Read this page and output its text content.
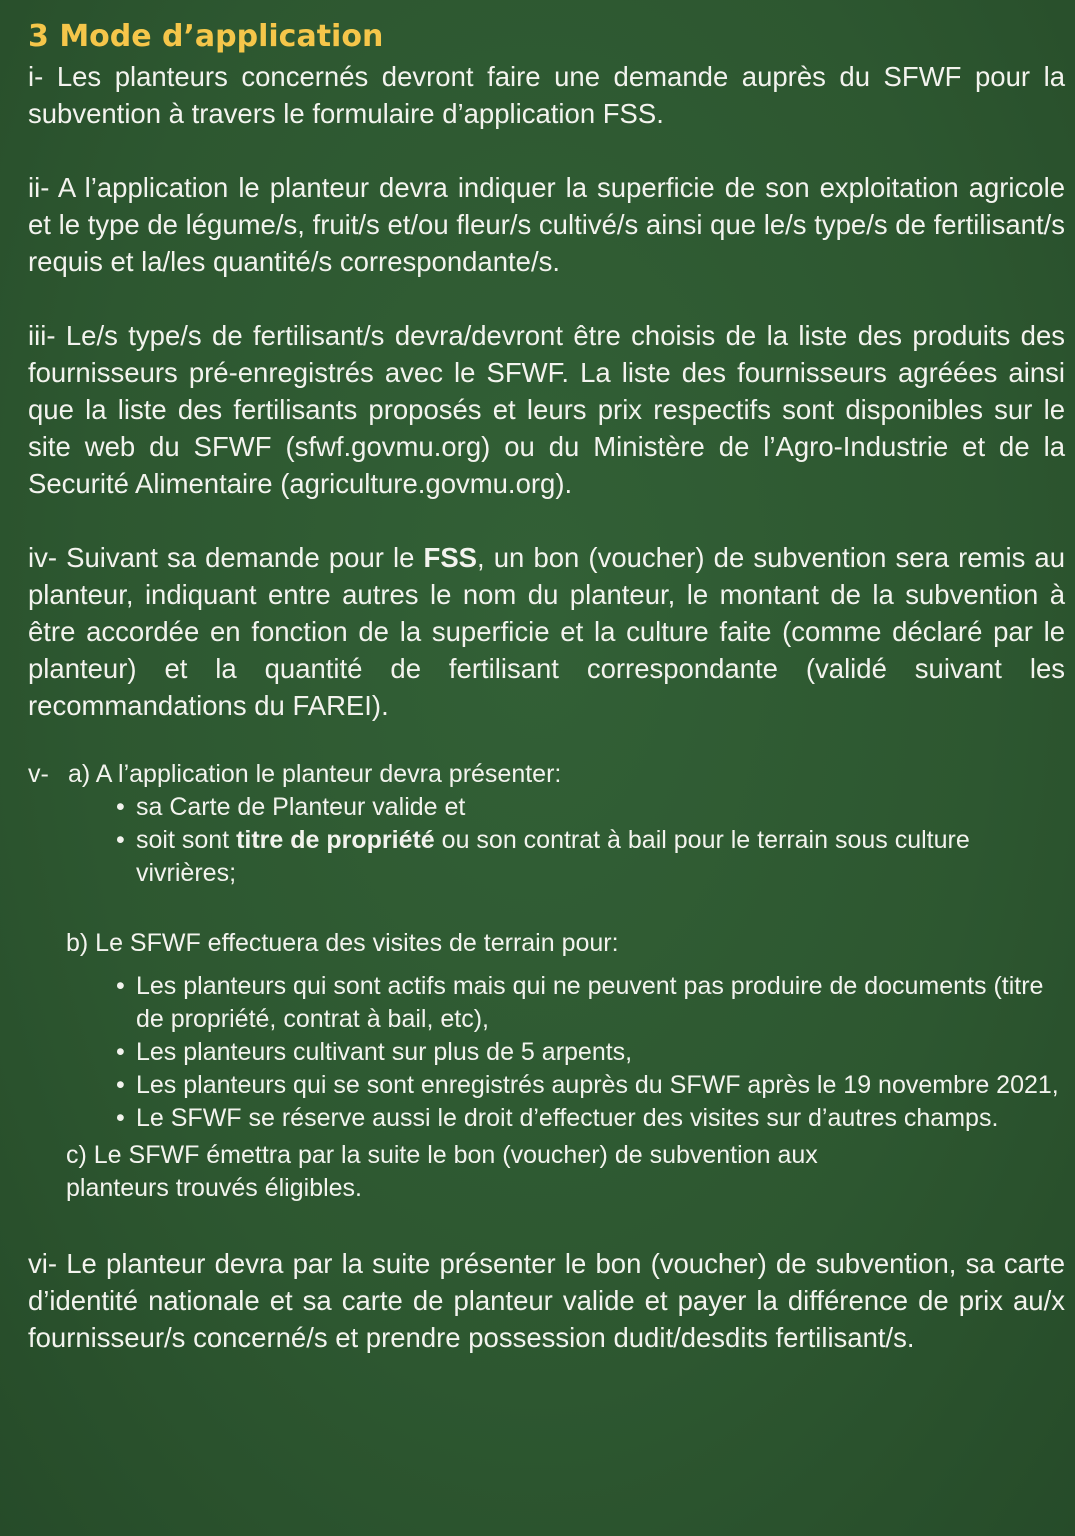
3 Mode d’application

i- Les planteurs concernés devront faire une demande auprès du SFWF pour la subvention à travers le formulaire d’application FSS.

ii- A l’application le planteur devra indiquer la superficie de son exploitation agricole et le type de légume/s, fruit/s et/ou fleur/s cultivé/s ainsi que le/s type/s de fertilisant/s requis et la/les quantité/s correspondante/s.

iii- Le/s type/s de fertilisant/s devra/devront être choisis de la liste des produits des fournisseurs pré-enregistrés avec le SFWF. La liste des fournisseurs agréées ainsi que la liste des fertilisants proposés et leurs prix respectifs sont disponibles sur le site web du SFWF (sfwf.govmu.org) ou du Ministère de l’Agro-Industrie et de la Securité Alimentaire (agriculture.govmu.org).

iv- Suivant sa demande pour le FSS, un bon (voucher) de subvention sera remis au planteur, indiquant entre autres le nom du planteur, le montant de la subvention à être accordée en fonction de la superficie et la culture faite (comme déclaré par le planteur) et la quantité de fertilisant correspondante (validé suivant les recommandations du FAREI).

v- a) A l’application le planteur devra présenter:

• sa Carte de Planteur valide et
• soit sont titre de propriété ou son contrat à bail pour le terrain sous culture vivrières;

b) Le SFWF effectuera des visites de terrain pour:

• Les planteurs qui sont actifs mais qui ne peuvent pas produire de documents (titre de propriété, contrat à bail, etc),
• Les planteurs cultivant sur plus de 5 arpents,
• Les planteurs qui se sont enregistrés auprès du SFWF après le 19 novembre 2021,
• Le SFWF se réserve aussi le droit d’effectuer des visites sur d’autres champs.

c) Le SFWF émettra par la suite le bon (voucher) de subvention aux planteurs trouvés éligibles.

vi- Le planteur devra par la suite présenter le bon (voucher) de subvention, sa carte d’identité nationale et sa carte de planteur valide et payer la différence de prix au/x fournisseur/s concerné/s et prendre possession dudit/desdits fertilisant/s.
